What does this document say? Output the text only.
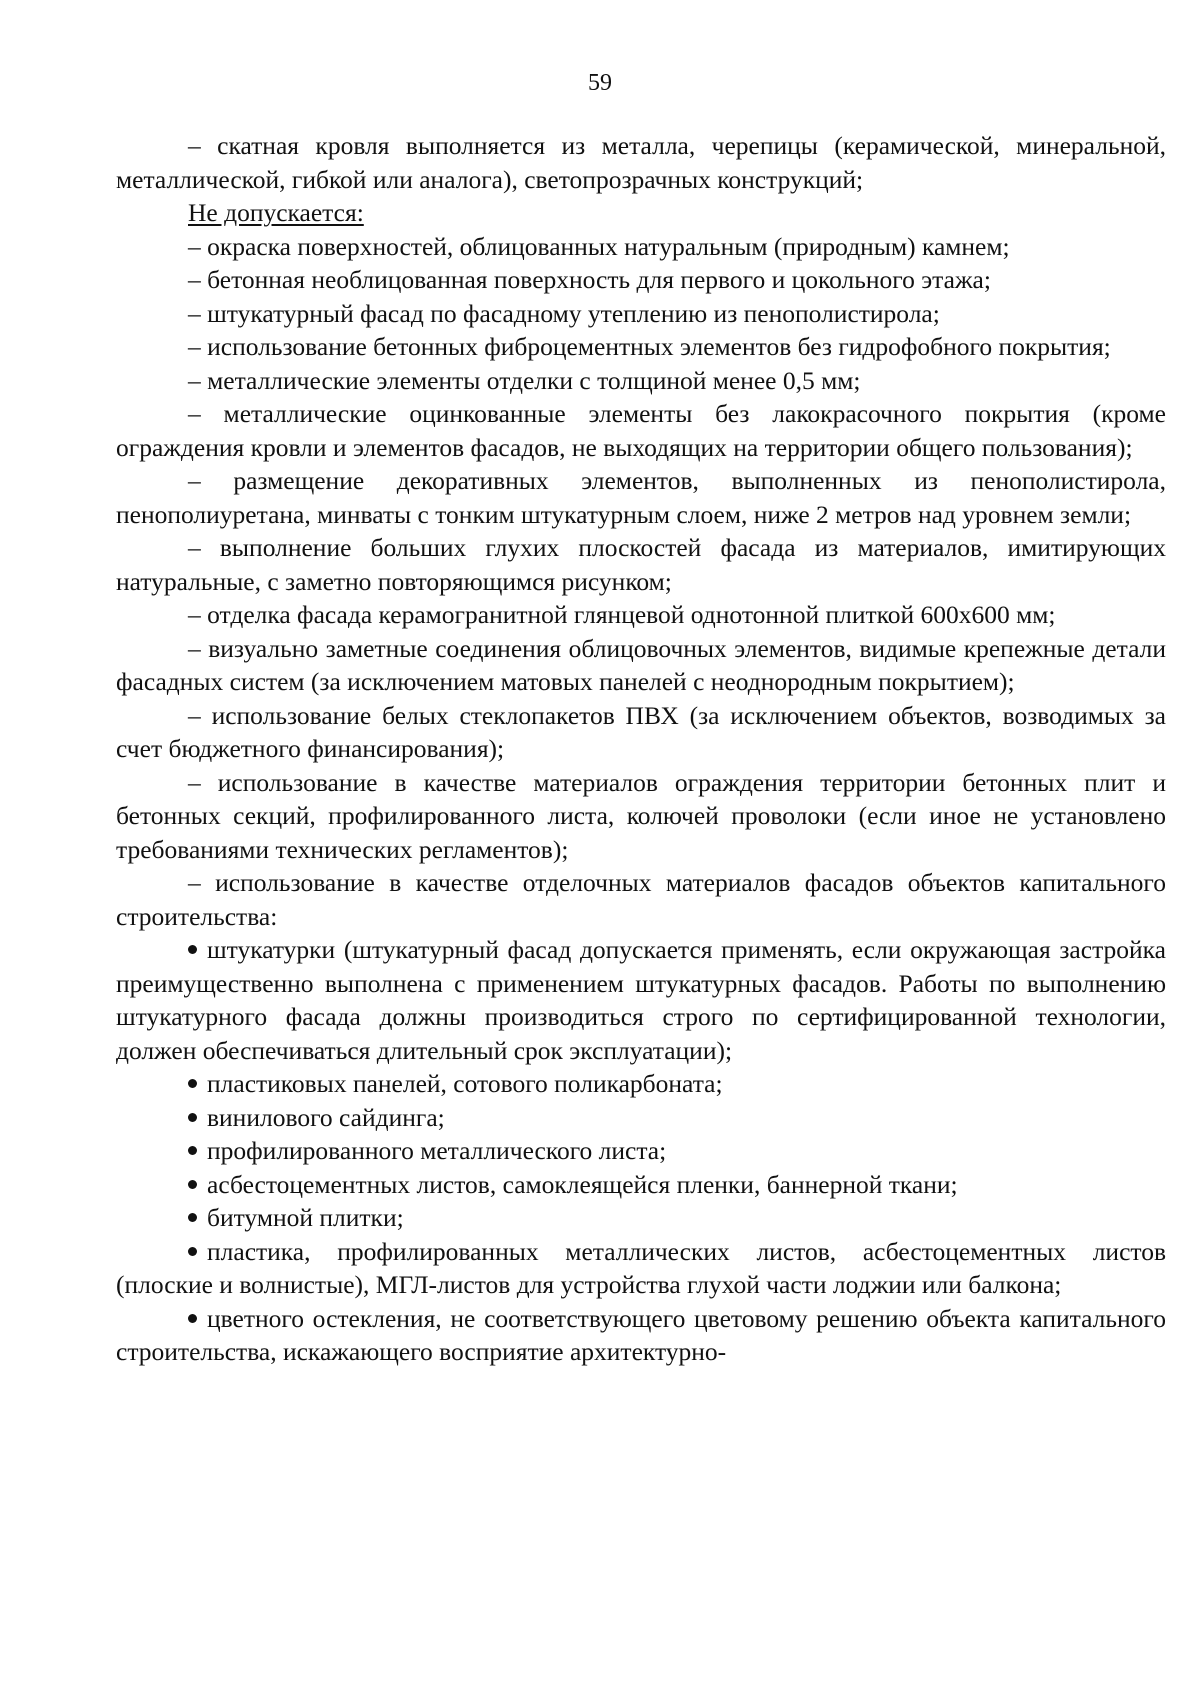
59

– скатная кровля выполняется из металла, черепицы (керамической, минеральной, металлической, гибкой или аналога), светопрозрачных конструкций;

Не допускается:

– окраска поверхностей, облицованных натуральным (природным) камнем;

– бетонная необлицованная поверхность для первого и цокольного этажа;

– штукатурный фасад по фасадному утеплению из пенополистирола;

– использование бетонных фиброцементных элементов без гидрофобного покрытия;

– металлические элементы отделки с толщиной менее 0,5 мм;

– металлические оцинкованные элементы без лакокрасочного покрытия (кроме ограждения кровли и элементов фасадов, не выходящих на территории общего пользования);

– размещение декоративных элементов, выполненных из пенополистирола, пенополиуретана, минваты с тонким штукатурным слоем, ниже 2 метров над уровнем земли;

– выполнение больших глухих плоскостей фасада из материалов, имитирующих натуральные, с заметно повторяющимся рисунком;

– отделка фасада керамогранитной глянцевой однотонной плиткой 600х600 мм;

– визуально заметные соединения облицовочных элементов, видимые крепежные детали фасадных систем (за исключением матовых панелей с неоднородным покрытием);

– использование белых стеклопакетов ПВХ (за исключением объектов, возводимых за счет бюджетного финансирования);

– использование в качестве материалов ограждения территории бетонных плит и бетонных секций, профилированного листа, колючей проволоки (если иное не установлено требованиями технических регламентов);

– использование в качестве отделочных материалов фасадов объектов капитального строительства:

штукатурки (штукатурный фасад допускается применять, если окружающая застройка преимущественно выполнена с применением штукатурных фасадов. Работы по выполнению штукатурного фасада должны производиться строго по сертифицированной технологии, должен обеспечиваться длительный срок эксплуатации);

пластиковых панелей, сотового поликарбоната;

винилового сайдинга;

профилированного металлического листа;

асбестоцементных листов, самоклеящейся пленки, баннерной ткани;

битумной плитки;

пластика, профилированных металлических листов, асбестоцементных листов (плоские и волнистые), МГЛ-листов для устройства глухой части лоджии или балкона;

цветного остекления, не соответствующего цветовому решению объекта капитального строительства, искажающего восприятие архитектурно-
